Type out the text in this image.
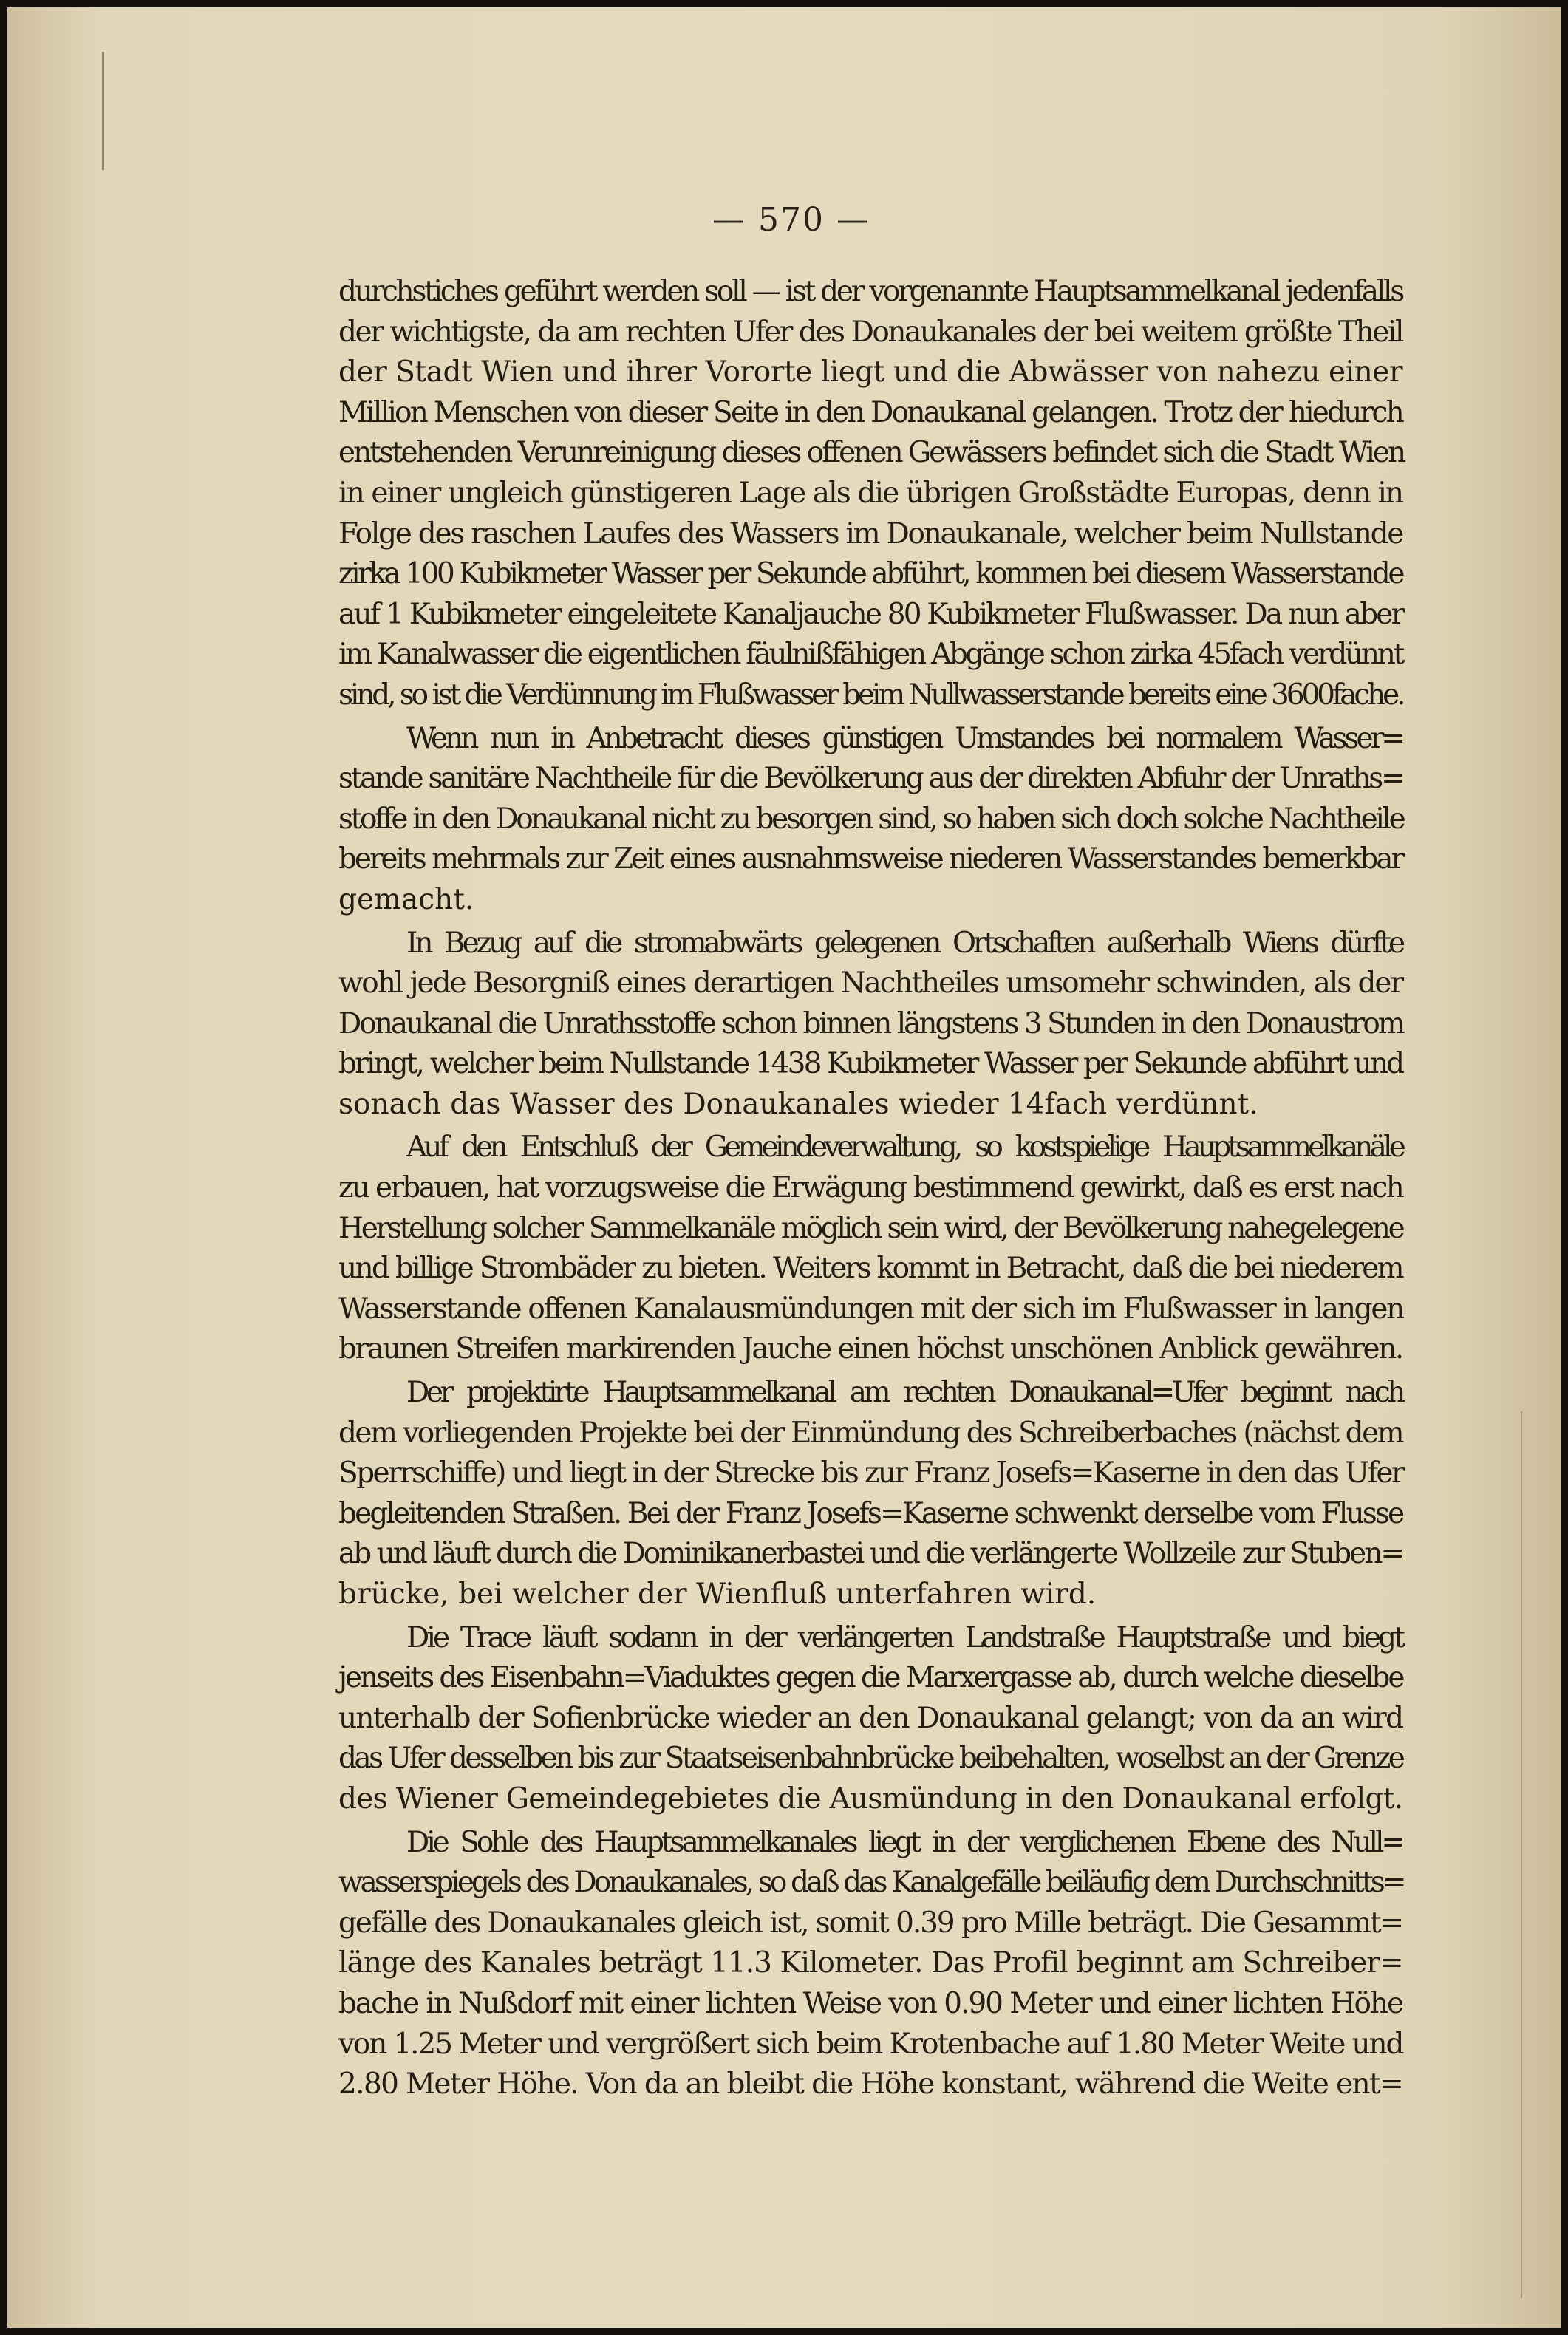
— 570 —
durchstiches geführt werden soll — ist der vorgenannte Hauptsammelkanal jedenfalls
der wichtigste, da am rechten Ufer des Donaukanales der bei weitem größte Theil
der Stadt Wien und ihrer Vororte liegt und die Abwässer von nahezu einer
Million Menschen von dieser Seite in den Donaukanal gelangen. Trotz der hiedurch
entstehenden Verunreinigung dieses offenen Gewässers befindet sich die Stadt Wien
in einer ungleich günstigeren Lage als die übrigen Großstädte Europas, denn in
Folge des raschen Laufes des Wassers im Donaukanale, welcher beim Nullstande
zirka 100 Kubikmeter Wasser per Sekunde abführt, kommen bei diesem Wasserstande
auf 1 Kubikmeter eingeleitete Kanaljauche 80 Kubikmeter Flußwasser. Da nun aber
im Kanalwasser die eigentlichen fäulnißfähigen Abgänge schon zirka 45fach verdünnt
sind, so ist die Verdünnung im Flußwasser beim Nullwasserstande bereits eine 3600fache.
Wenn nun in Anbetracht dieses günstigen Umstandes bei normalem Wasser=
stande sanitäre Nachtheile für die Bevölkerung aus der direkten Abfuhr der Unraths=
stoffe in den Donaukanal nicht zu besorgen sind, so haben sich doch solche Nachtheile
bereits mehrmals zur Zeit eines ausnahmsweise niederen Wasserstandes bemerkbar
gemacht.
In Bezug auf die stromabwärts gelegenen Ortschaften außerhalb Wiens dürfte
wohl jede Besorgniß eines derartigen Nachtheiles umsomehr schwinden, als der
Donaukanal die Unrathsstoffe schon binnen längstens 3 Stunden in den Donaustrom
bringt, welcher beim Nullstande 1438 Kubikmeter Wasser per Sekunde abführt und
sonach das Wasser des Donaukanales wieder 14fach verdünnt.
Auf den Entschluß der Gemeindeverwaltung, so kostspielige Hauptsammelkanäle
zu erbauen, hat vorzugsweise die Erwägung bestimmend gewirkt, daß es erst nach
Herstellung solcher Sammelkanäle möglich sein wird, der Bevölkerung nahegelegene
und billige Strombäder zu bieten. Weiters kommt in Betracht, daß die bei niederem
Wasserstande offenen Kanalausmündungen mit der sich im Flußwasser in langen
braunen Streifen markirenden Jauche einen höchst unschönen Anblick gewähren.
Der projektirte Hauptsammelkanal am rechten Donaukanal=Ufer beginnt nach
dem vorliegenden Projekte bei der Einmündung des Schreiberbaches (nächst dem
Sperrschiffe) und liegt in der Strecke bis zur Franz Josefs=Kaserne in den das Ufer
begleitenden Straßen. Bei der Franz Josefs=Kaserne schwenkt derselbe vom Flusse
ab und läuft durch die Dominikanerbastei und die verlängerte Wollzeile zur Stuben=
brücke, bei welcher der Wienfluß unterfahren wird.
Die Trace läuft sodann in der verlängerten Landstraße Hauptstraße und biegt
jenseits des Eisenbahn=Viaduktes gegen die Marxergasse ab, durch welche dieselbe
unterhalb der Sofienbrücke wieder an den Donaukanal gelangt; von da an wird
das Ufer desselben bis zur Staatseisenbahnbrücke beibehalten, woselbst an der Grenze
des Wiener Gemeindegebietes die Ausmündung in den Donaukanal erfolgt.
Die Sohle des Hauptsammelkanales liegt in der verglichenen Ebene des Null=
wasserspiegels des Donaukanales, so daß das Kanalgefälle beiläufig dem Durchschnitts=
gefälle des Donaukanales gleich ist, somit 0.39 pro Mille beträgt. Die Gesammt=
länge des Kanales beträgt 11.3 Kilometer. Das Profil beginnt am Schreiber=
bache in Nußdorf mit einer lichten Weise von 0.90 Meter und einer lichten Höhe
von 1.25 Meter und vergrößert sich beim Krotenbache auf 1.80 Meter Weite und
2.80 Meter Höhe. Von da an bleibt die Höhe konstant, während die Weite ent=
